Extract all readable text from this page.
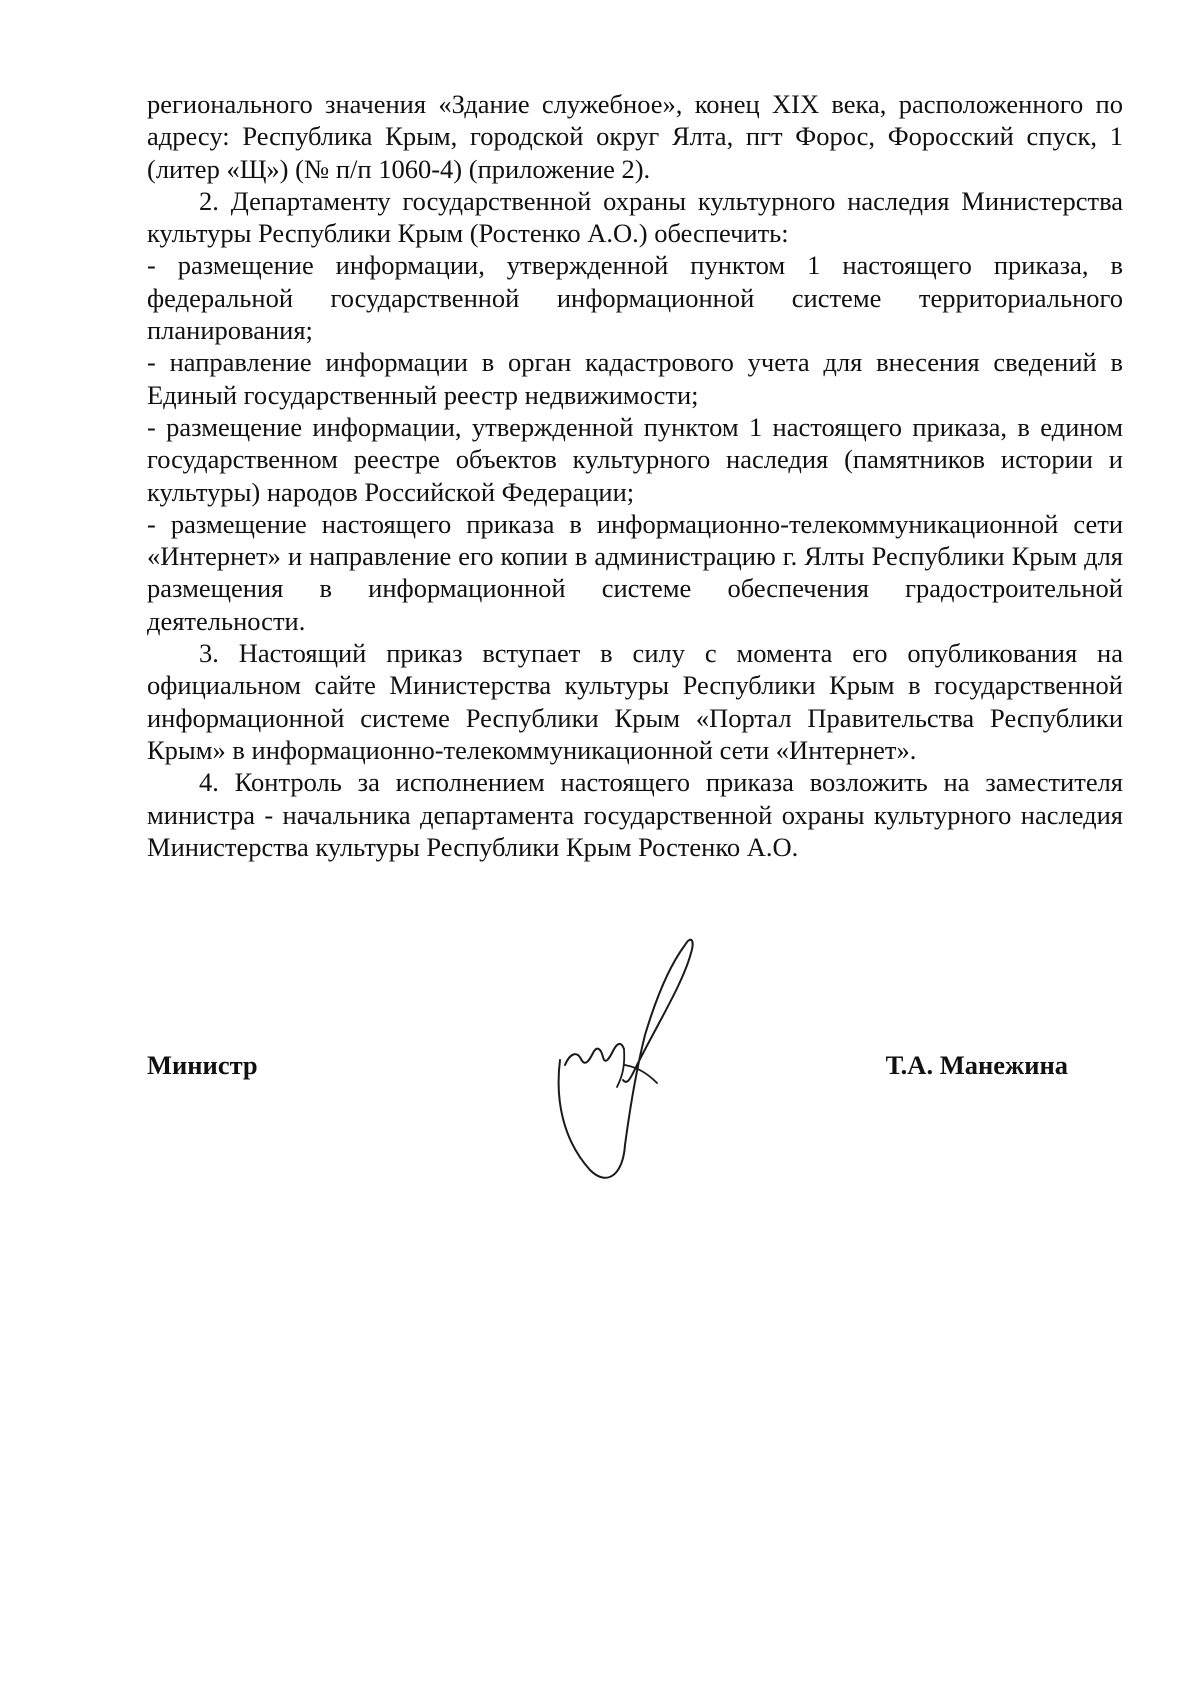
регионального значения «Здание служебное», конец XIX века, расположенного по адресу: Республика Крым, городской округ Ялта, пгт Форос, Форосский спуск, 1 (литер «Щ») (№ п/п 1060-4) (приложение 2).

2. Департаменту государственной охраны культурного наследия Министерства культуры Республики Крым (Ростенко А.О.) обеспечить:

- размещение информации, утвержденной пунктом 1 настоящего приказа, в федеральной государственной информационной системе территориального планирования;

- направление информации в орган кадастрового учета для внесения сведений в Единый государственный реестр недвижимости;

- размещение информации, утвержденной пунктом 1 настоящего приказа, в едином государственном реестре объектов культурного наследия (памятников истории и культуры) народов Российской Федерации;

- размещение настоящего приказа в информационно-телекоммуникационной сети «Интернет» и направление его копии в администрацию г. Ялты Республики Крым для размещения в информационной системе обеспечения градостроительной деятельности.

3. Настоящий приказ вступает в силу с момента его опубликования на официальном сайте Министерства культуры Республики Крым в государственной информационной системе Республики Крым «Портал Правительства Республики Крым» в информационно-телекоммуникационной сети «Интернет».

4. Контроль за исполнением настоящего приказа возложить на заместителя министра - начальника департамента государственной охраны культурного наследия Министерства культуры Республики Крым Ростенко А.О.

Министр	Т.А. Манежина
